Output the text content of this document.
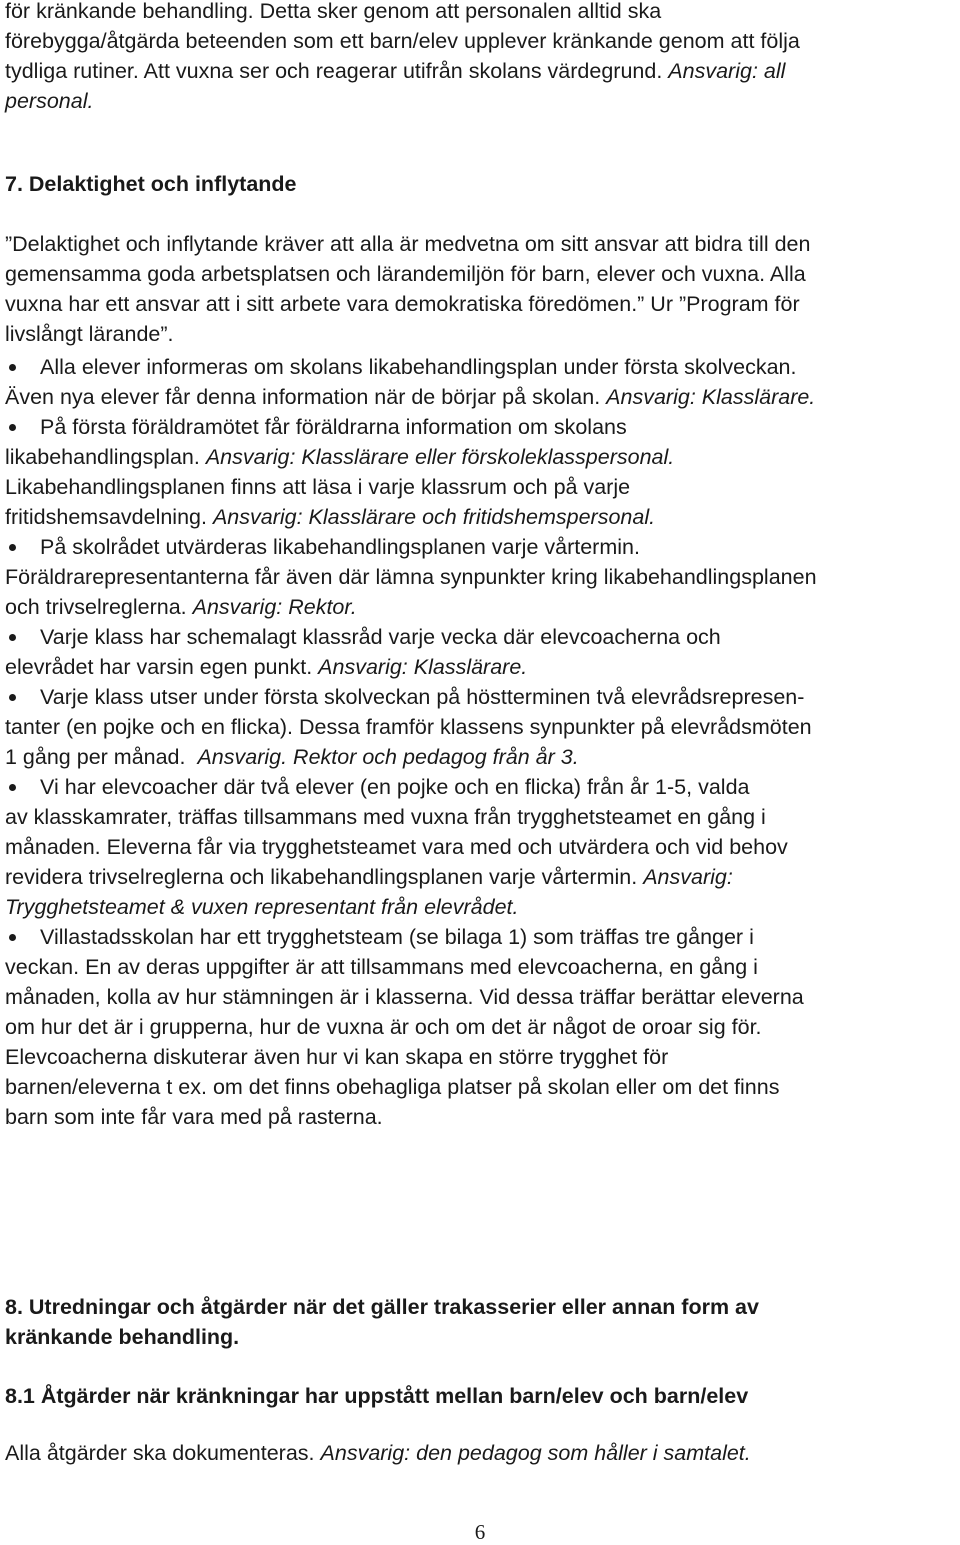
för kränkande behandling. Detta sker genom att personalen alltid ska
förebygga/åtgärda beteenden som ett barn/elev upplever kränkande genom att följa
tydliga rutiner. Att vuxna ser och reagerar utifrån skolans värdegrund. Ansvarig: all
personal.
7. Delaktighet och inflytande
”Delaktighet och inflytande kräver att alla är medvetna om sitt ansvar att bidra till den
gemensamma goda arbetsplatsen och lärandemiljön för barn, elever och vuxna. Alla
vuxna har ett ansvar att i sitt arbete vara demokratiska föredömen.” Ur ”Program för
livslångt lärande”.
Alla elever informeras om skolans likabehandlingsplan under första skolveckan.
Även nya elever får denna information när de börjar på skolan. Ansvarig: Klasslärare.
På första föräldramötet får föräldrarna information om skolans
likabehandlingsplan. Ansvarig: Klasslärare eller förskoleklasspersonal.
Likabehandlingsplanen finns att läsa i varje klassrum och på varje
fritidshemsavdelning. Ansvarig: Klasslärare och fritidshemspersonal.
På skolrådet utvärderas likabehandlingsplanen varje vårtermin.
Föräldrarepresentanterna får även där lämna synpunkter kring likabehandlingsplanen
och trivselreglerna. Ansvarig: Rektor.
Varje klass har schemalagt klassråd varje vecka där elevcoacherna och
elevrådet har varsin egen punkt. Ansvarig: Klasslärare.
Varje klass utser under första skolveckan på höstterminen två elevrådsrepresen-
tanter (en pojke och en flicka). Dessa framför klassens synpunkter på elevrådsmöten
1 gång per månad. Ansvarig. Rektor och pedagog från år 3.
Vi har elevcoacher där två elever (en pojke och en flicka) från år 1-5, valda
av klasskamrater, träffas tillsammans med vuxna från trygghetsteamet en gång i
månaden. Eleverna får via trygghetsteamet vara med och utvärdera och vid behov
revidera trivselreglerna och likabehandlingsplanen varje vårtermin. Ansvarig:
Trygghetsteamet & vuxen representant från elevrådet.
Villastadsskolan har ett trygghetsteam (se bilaga 1) som träffas tre gånger i
veckan. En av deras uppgifter är att tillsammans med elevcoacherna, en gång i
månaden, kolla av hur stämningen är i klasserna. Vid dessa träffar berättar eleverna
om hur det är i grupperna, hur de vuxna är och om det är något de oroar sig för.
Elevcoacherna diskuterar även hur vi kan skapa en större trygghet för
barnen/eleverna t ex. om det finns obehagliga platser på skolan eller om det finns
barn som inte får vara med på rasterna.
8. Utredningar och åtgärder när det gäller trakasserier eller annan form av
kränkande behandling.
8.1 Åtgärder när kränkningar har uppstått mellan barn/elev och barn/elev
Alla åtgärder ska dokumenteras. Ansvarig: den pedagog som håller i samtalet.
6
